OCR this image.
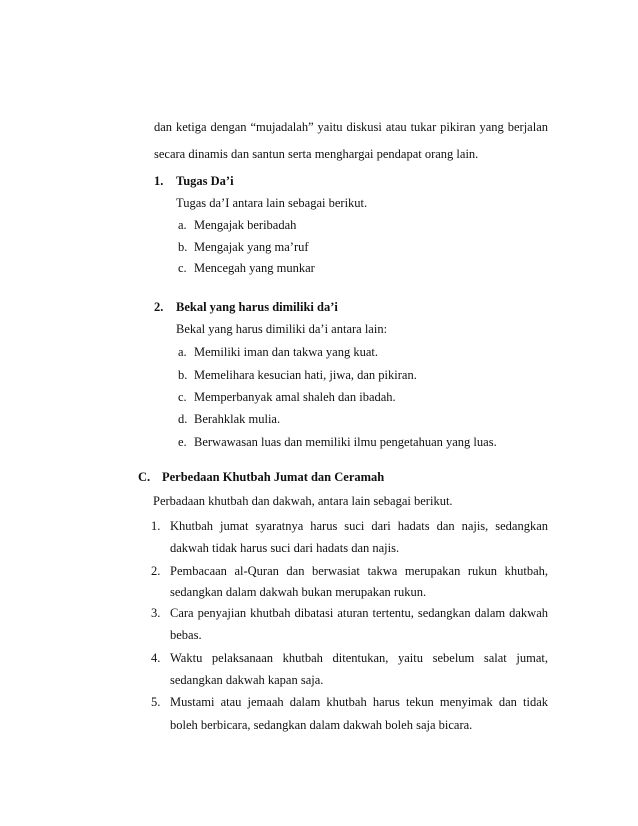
dan ketiga dengan “mujadalah” yaitu diskusi atau tukar pikiran yang berjalan
secara dinamis dan santun serta menghargai pendapat orang lain.
1. Tugas Da’i
Tugas da’I antara lain sebagai berikut.
a. Mengajak beribadah
b. Mengajak yang ma’ruf
c. Mencegah yang munkar
2. Bekal yang harus dimiliki da’i
Bekal yang harus dimiliki da’i antara lain:
a. Memiliki iman dan takwa yang kuat.
b. Memelihara kesucian hati, jiwa, dan pikiran.
c. Memperbanyak amal shaleh dan ibadah.
d. Berahklak mulia.
e. Berwawasan luas dan memiliki ilmu pengetahuan yang luas.
C. Perbedaan Khutbah Jumat dan Ceramah
Perbadaan khutbah dan dakwah, antara lain sebagai berikut.
1. Khutbah jumat syaratnya harus suci dari hadats dan najis, sedangkan
dakwah tidak harus suci dari hadats dan najis.
2. Pembacaan al-Quran dan berwasiat takwa merupakan rukun khutbah,
sedangkan dalam dakwah bukan merupakan rukun.
3. Cara penyajian khutbah dibatasi aturan tertentu, sedangkan dalam dakwah
bebas.
4. Waktu pelaksanaan khutbah ditentukan, yaitu sebelum salat jumat,
sedangkan dakwah kapan saja.
5. Mustami atau jemaah dalam khutbah harus tekun menyimak dan tidak
boleh berbicara, sedangkan dalam dakwah boleh saja bicara.
